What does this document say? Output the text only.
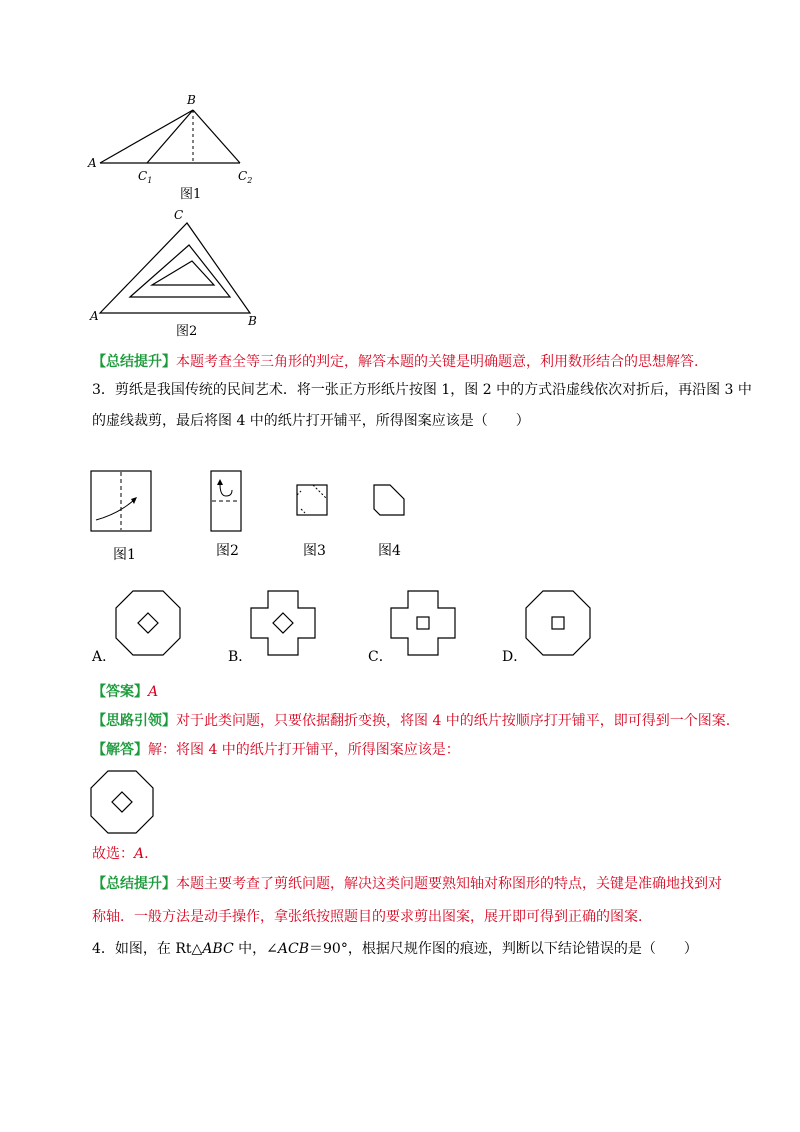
B
A
$C_1$	$C_2$
图1
C
A	B
图2
【总结提升】本题考查全等三角形的判定，解答本题的关键是明确题意，利用数形结合的思想解答.
3．剪纸是我国传统的民间艺术．将一张正方形纸片按图 1，图 2 中的方式沿虚线依次对折后，再沿图 3 中
的虚线裁剪，最后将图 4 中的纸片打开铺平，所得图案应该是（　　）
图1	图2	图3	图4
A．	B．	C．	D．
【答案】A
【思路引领】对于此类问题，只要依据翻折变换，将图 4 中的纸片按顺序打开铺平，即可得到一个图案.
【解答】解：将图 4 中的纸片打开铺平，所得图案应该是：
故选：A.
【总结提升】本题主要考查了剪纸问题，解决这类问题要熟知轴对称图形的特点，关键是准确地找到对
称轴．一般方法是动手操作，拿张纸按照题目的要求剪出图案，展开即可得到正确的图案.
4．如图，在 Rt△ABC 中，∠ACB＝90°，根据尺规作图的痕迹，判断以下结论错误的是（　　）
